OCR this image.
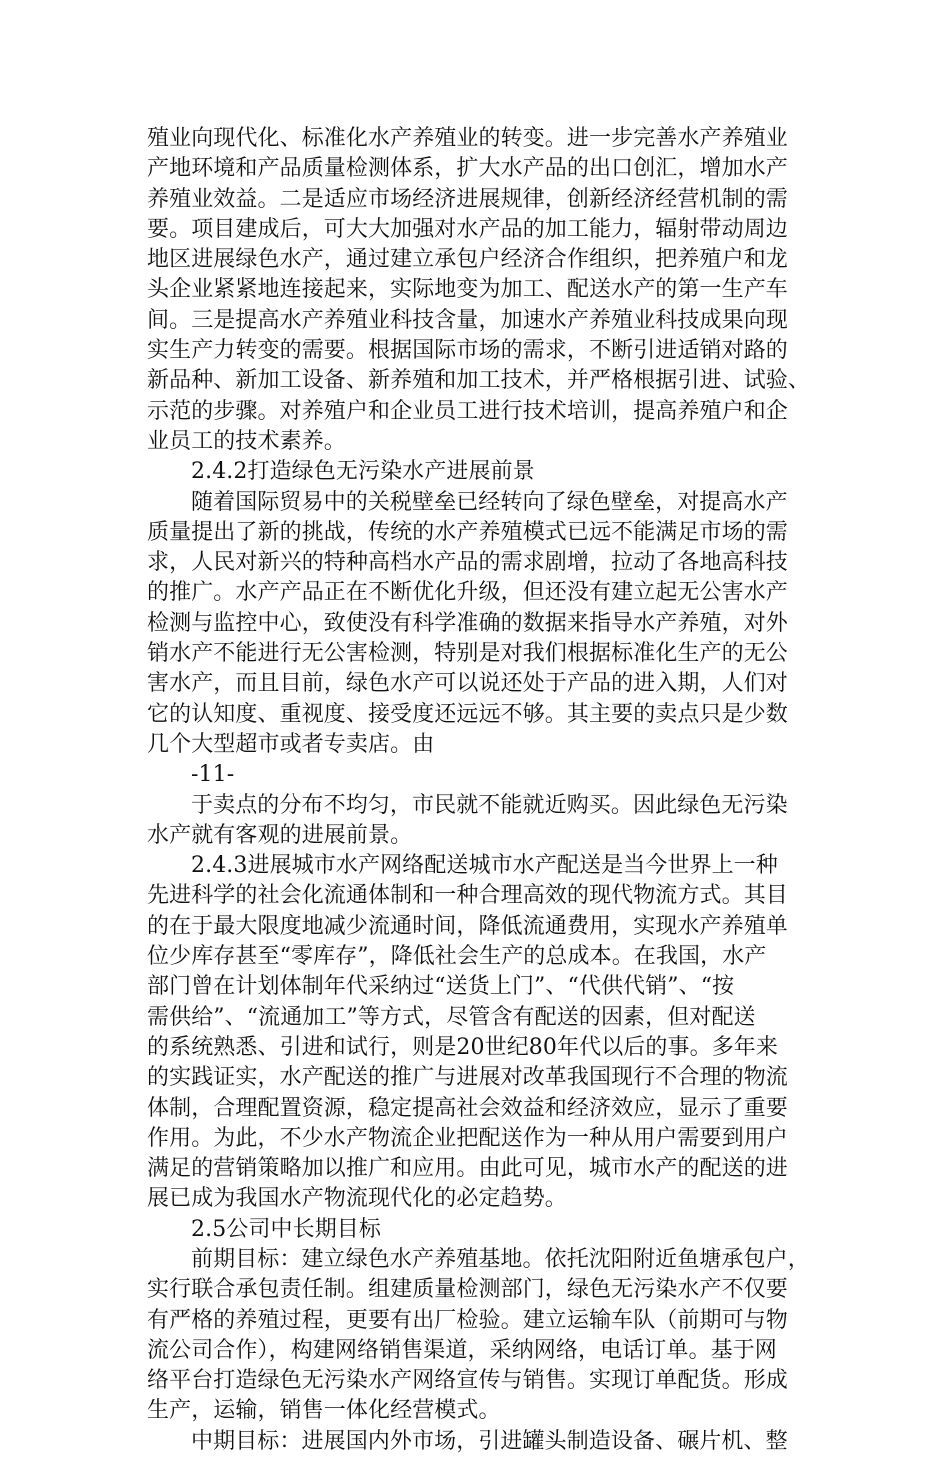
殖业向现代化、标准化水产养殖业的转变。进一步完善水产养殖业
产地环境和产品质量检测体系，扩大水产品的出口创汇，增加水产
养殖业效益。二是适应市场经济进展规律，创新经济经营机制的需
要。项目建成后，可大大加强对水产品的加工能力，辐射带动周边
地区进展绿色水产，通过建立承包户经济合作组织，把养殖户和龙
头企业紧紧地连接起来，实际地变为加工、配送水产的第一生产车
间。三是提高水产养殖业科技含量，加速水产养殖业科技成果向现
实生产力转变的需要。根据国际市场的需求，不断引进适销对路的
新品种、新加工设备、新养殖和加工技术，并严格根据引进、试验、
示范的步骤。对养殖户和企业员工进行技术培训，提高养殖户和企
业员工的技术素养。
2.4.2打造绿色无污染水产进展前景
随着国际贸易中的关税壁垒已经转向了绿色壁垒，对提高水产
质量提出了新的挑战，传统的水产养殖模式已远不能满足市场的需
求，人民对新兴的特种高档水产品的需求剧增，拉动了各地高科技
的推广。水产产品正在不断优化升级，但还没有建立起无公害水产
检测与监控中心，致使没有科学准确的数据来指导水产养殖，对外
销水产不能进行无公害检测，特别是对我们根据标准化生产的无公
害水产，而且目前，绿色水产可以说还处于产品的进入期，人们对
它的认知度、重视度、接受度还远远不够。其主要的卖点只是少数
几个大型超市或者专卖店。由
-11-
于卖点的分布不均匀，市民就不能就近购买。因此绿色无污染
水产就有客观的进展前景。
2.4.3进展城市水产网络配送城市水产配送是当今世界上一种
先进科学的社会化流通体制和一种合理高效的现代物流方式。其目
的在于最大限度地减少流通时间，降低流通费用，实现水产养殖单
位少库存甚至“零库存”，降低社会生产的总成本。在我国，水产
部门曾在计划体制年代采纳过“送货上门”、“代供代销”、“按
需供给”、“流通加工”等方式，尽管含有配送的因素，但对配送
的系统熟悉、引进和试行，则是20世纪80年代以后的事。多年来
的实践证实，水产配送的推广与进展对改革我国现行不合理的物流
体制，合理配置资源，稳定提高社会效益和经济效应，显示了重要
作用。为此，不少水产物流企业把配送作为一种从用户需要到用户
满足的营销策略加以推广和应用。由此可见，城市水产的配送的进
展已成为我国水产物流现代化的必定趋势。
2.5公司中长期目标
前期目标：建立绿色水产养殖基地。依托沈阳附近鱼塘承包户，
实行联合承包责任制。组建质量检测部门，绿色无污染水产不仅要
有严格的养殖过程，更要有出厂检验。建立运输车队（前期可与物
流公司合作），构建网络销售渠道，采纳网络，电话订单。基于网
络平台打造绿色无污染水产网络宣传与销售。实现订单配货。形成
生产，运输，销售一体化经营模式。
中期目标：进展国内外市场，引进罐头制造设备、碾片机、整
